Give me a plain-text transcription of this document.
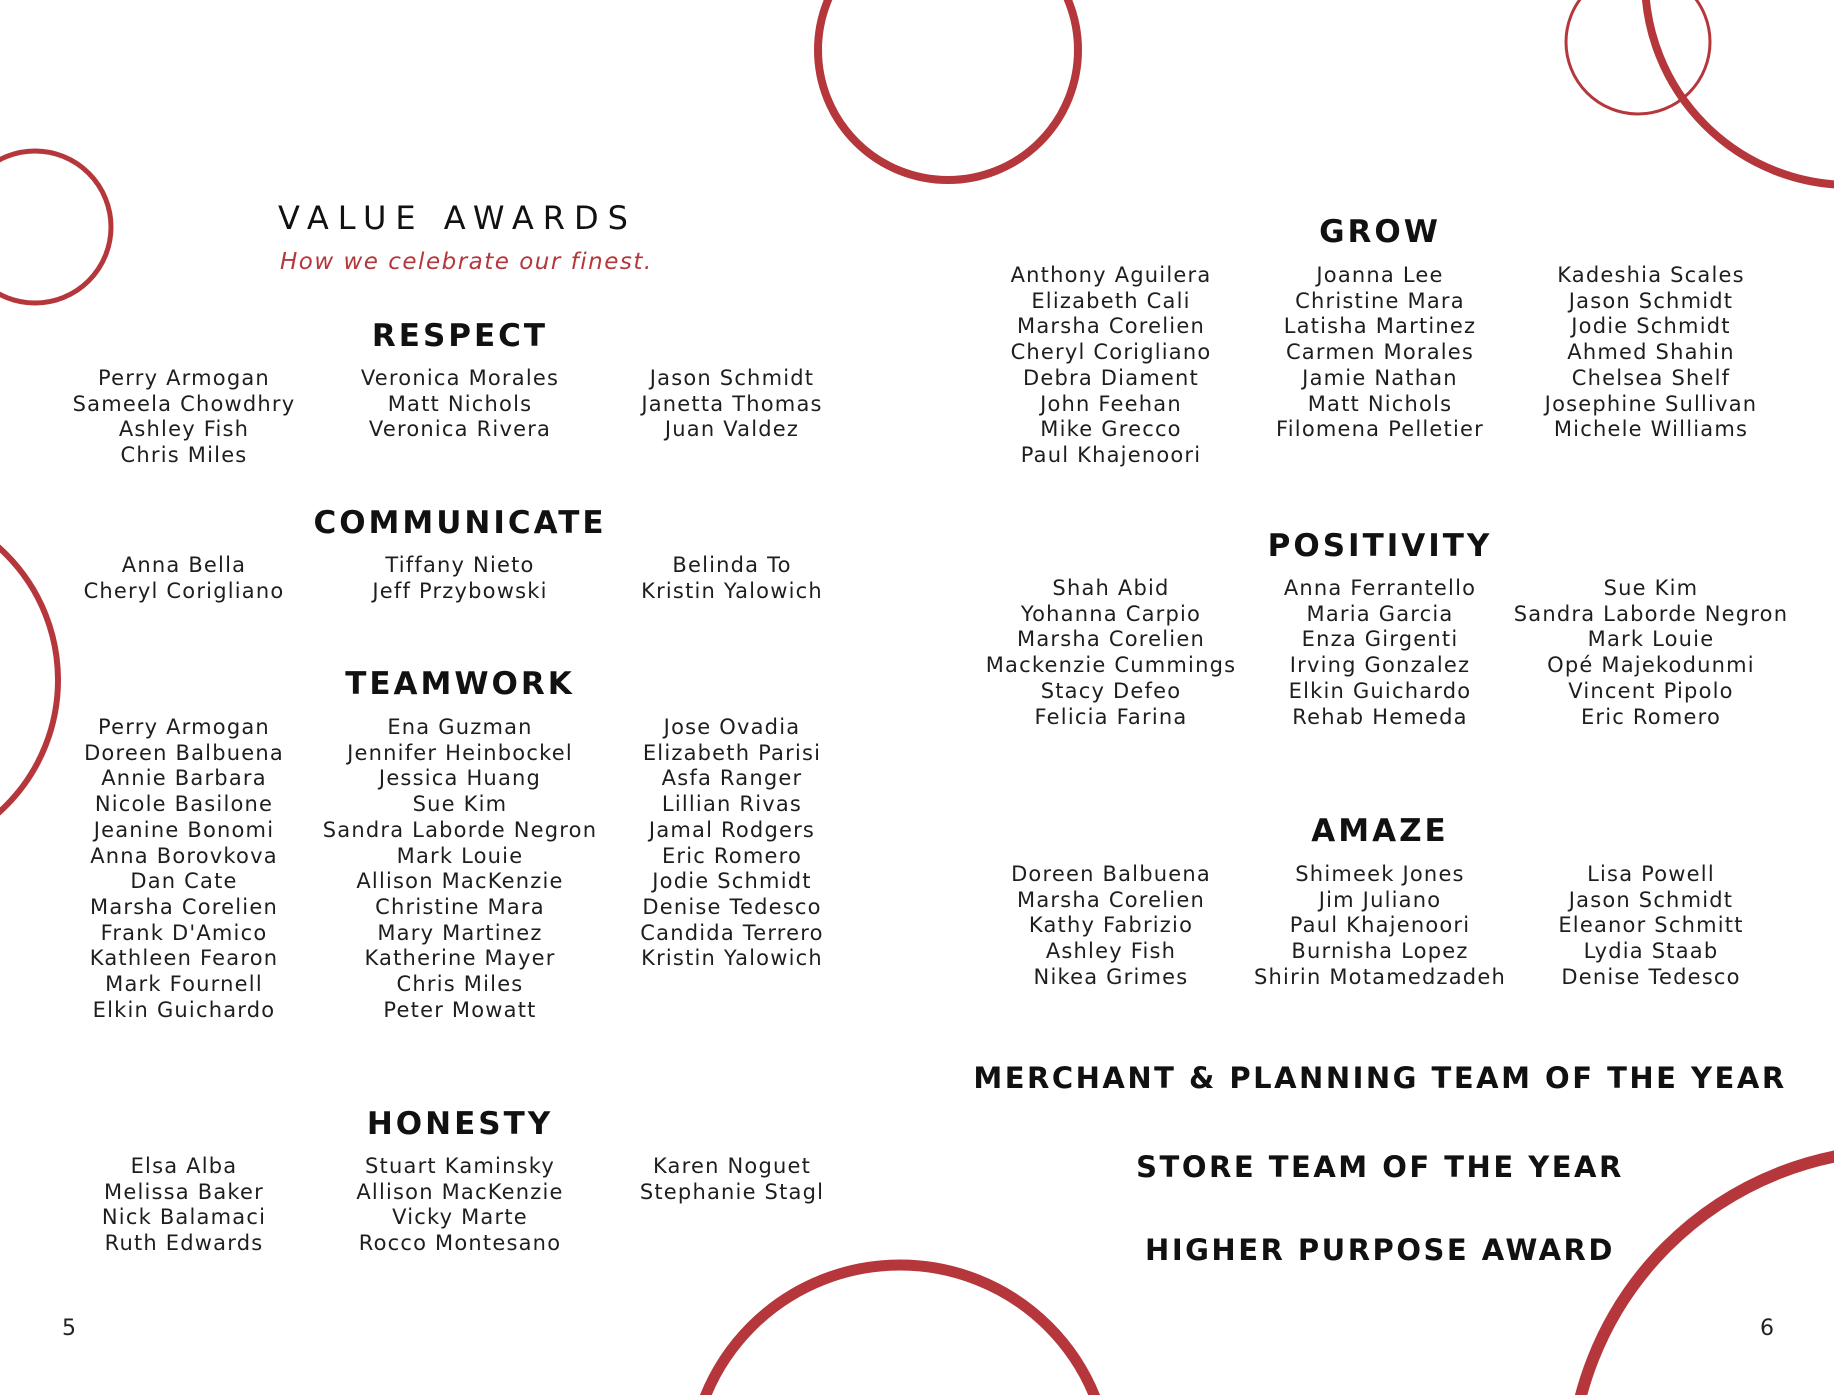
VALUE AWARDS
How we celebrate our finest.
RESPECT
Perry Armogan
Sameela Chowdhry
Ashley Fish
Chris Miles
Veronica Morales
Matt Nichols
Veronica Rivera
Jason Schmidt
Janetta Thomas
Juan Valdez
COMMUNICATE
Anna Bella
Cheryl Corigliano
Tiffany Nieto
Jeff Przybowski
Belinda To
Kristin Yalowich
TEAMWORK
Perry Armogan
Doreen Balbuena
Annie Barbara
Nicole Basilone
Jeanine Bonomi
Anna Borovkova
Dan Cate
Marsha Corelien
Frank D'Amico
Kathleen Fearon
Mark Fournell
Elkin Guichardo
Ena Guzman
Jennifer Heinbockel
Jessica Huang
Sue Kim
Sandra Laborde Negron
Mark Louie
Allison MacKenzie
Christine Mara
Mary Martinez
Katherine Mayer
Chris Miles
Peter Mowatt
Jose Ovadia
Elizabeth Parisi
Asfa Ranger
Lillian Rivas
Jamal Rodgers
Eric Romero
Jodie Schmidt
Denise Tedesco
Candida Terrero
Kristin Yalowich
HONESTY
Elsa Alba
Melissa Baker
Nick Balamaci
Ruth Edwards
Stuart Kaminsky
Allison MacKenzie
Vicky Marte
Rocco Montesano
Karen Noguet
Stephanie Stagl
5
GROW
Anthony Aguilera
Elizabeth Cali
Marsha Corelien
Cheryl Corigliano
Debra Diament
John Feehan
Mike Grecco
Paul Khajenoori
Joanna Lee
Christine Mara
Latisha Martinez
Carmen Morales
Jamie Nathan
Matt Nichols
Filomena Pelletier
Kadeshia Scales
Jason Schmidt
Jodie Schmidt
Ahmed Shahin
Chelsea Shelf
Josephine Sullivan
Michele Williams
POSITIVITY
Shah Abid
Yohanna Carpio
Marsha Corelien
Mackenzie Cummings
Stacy Defeo
Felicia Farina
Anna Ferrantello
Maria Garcia
Enza Girgenti
Irving Gonzalez
Elkin Guichardo
Rehab Hemeda
Sue Kim
Sandra Laborde Negron
Mark Louie
Opé Majekodunmi
Vincent Pipolo
Eric Romero
AMAZE
Doreen Balbuena
Marsha Corelien
Kathy Fabrizio
Ashley Fish
Nikea Grimes
Shimeek Jones
Jim Juliano
Paul Khajenoori
Burnisha Lopez
Shirin Motamedzadeh
Lisa Powell
Jason Schmidt
Eleanor Schmitt
Lydia Staab
Denise Tedesco
MERCHANT & PLANNING TEAM OF THE YEAR
STORE TEAM OF THE YEAR
HIGHER PURPOSE AWARD
6
